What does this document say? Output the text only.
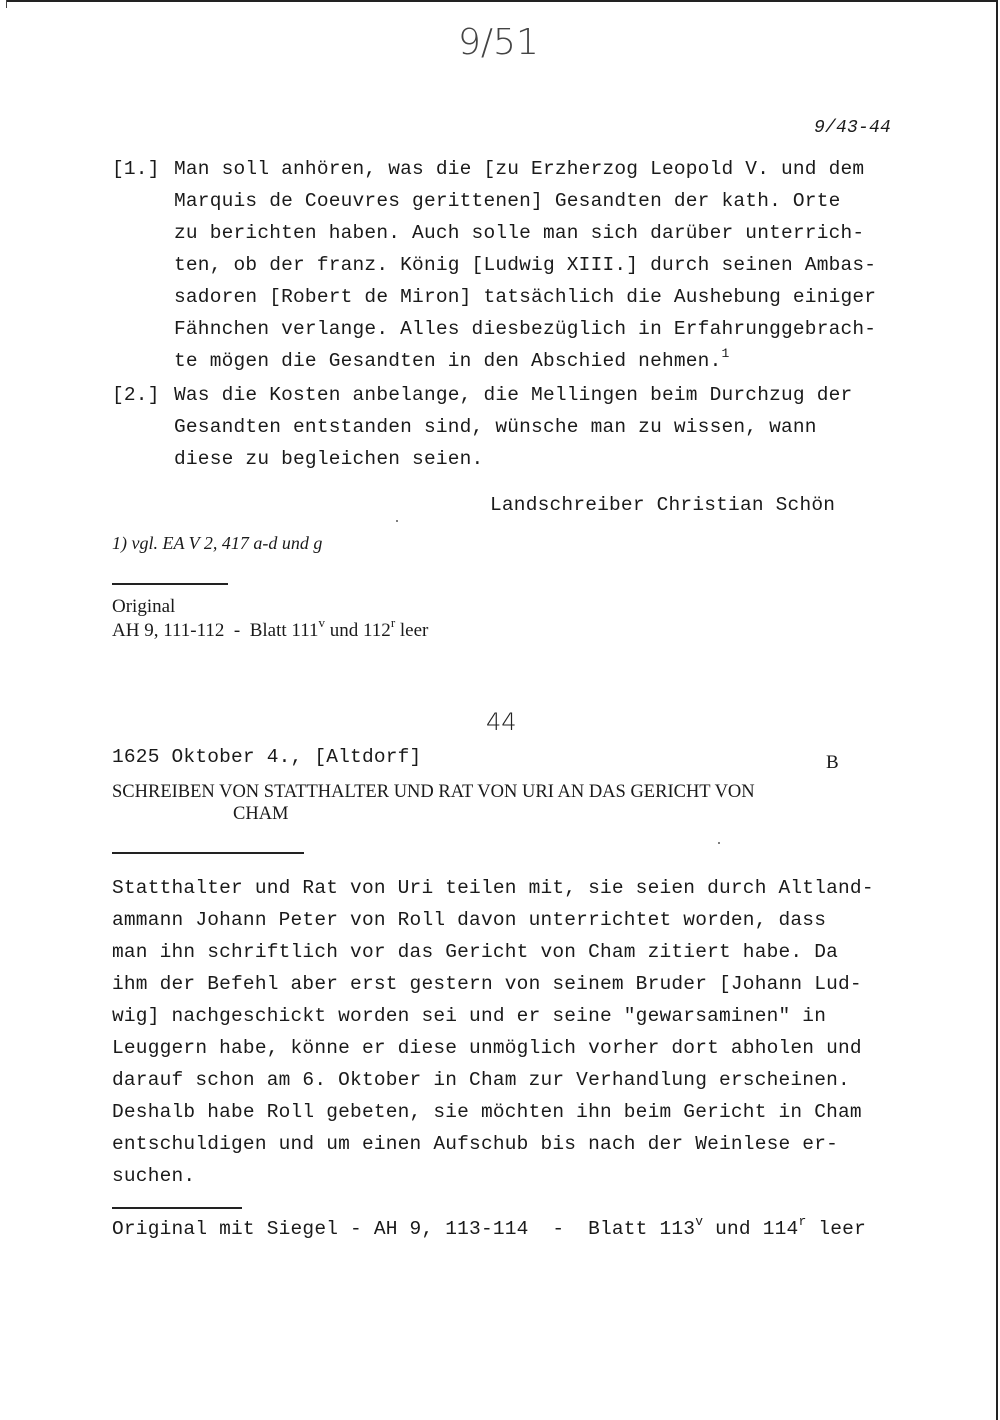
9/51
9/43-44
[1.] Man soll anhören, was die [zu Erzherzog Leopold V. und dem
Marquis de Coeuvres gerittenen] Gesandten der kath. Orte
zu berichten haben. Auch solle man sich darüber unterrich-
ten, ob der franz. König [Ludwig XIII.] durch seinen Ambas-
sadoren [Robert de Miron] tatsächlich die Aushebung einiger
Fähnchen verlange. Alles diesbezüglich in Erfahrunggebrach-
te mögen die Gesandten in den Abschied nehmen.$^1$
[2.] Was die Kosten anbelange, die Mellingen beim Durchzug der
Gesandten entstanden sind, wünsche man zu wissen, wann
diese zu begleichen seien.
Landschreiber Christian Schön
1) vgl. EA V 2, 417 a-d und g
Original
AH 9, 111-112  -  Blatt 111$^v$ und 112$^r$ leer
44
1625 Oktober 4., [Altdorf]	B
SCHREIBEN VON STATTHALTER UND RAT VON URI AN DAS GERICHT VON
CHAM
Statthalter und Rat von Uri teilen mit, sie seien durch Altland-
ammann Johann Peter von Roll davon unterrichtet worden, dass
man ihn schriftlich vor das Gericht von Cham zitiert habe. Da
ihm der Befehl aber erst gestern von seinem Bruder [Johann Lud-
wig] nachgeschickt worden sei und er seine "gewarsaminen" in
Leuggern habe, könne er diese unmöglich vorher dort abholen und
darauf schon am 6. Oktober in Cham zur Verhandlung erscheinen.
Deshalb habe Roll gebeten, sie möchten ihn beim Gericht in Cham
entschuldigen und um einen Aufschub bis nach der Weinlese er-
suchen.
Original mit Siegel - AH 9, 113-114  -  Blatt 113$^v$ und 114$^r$ leer
